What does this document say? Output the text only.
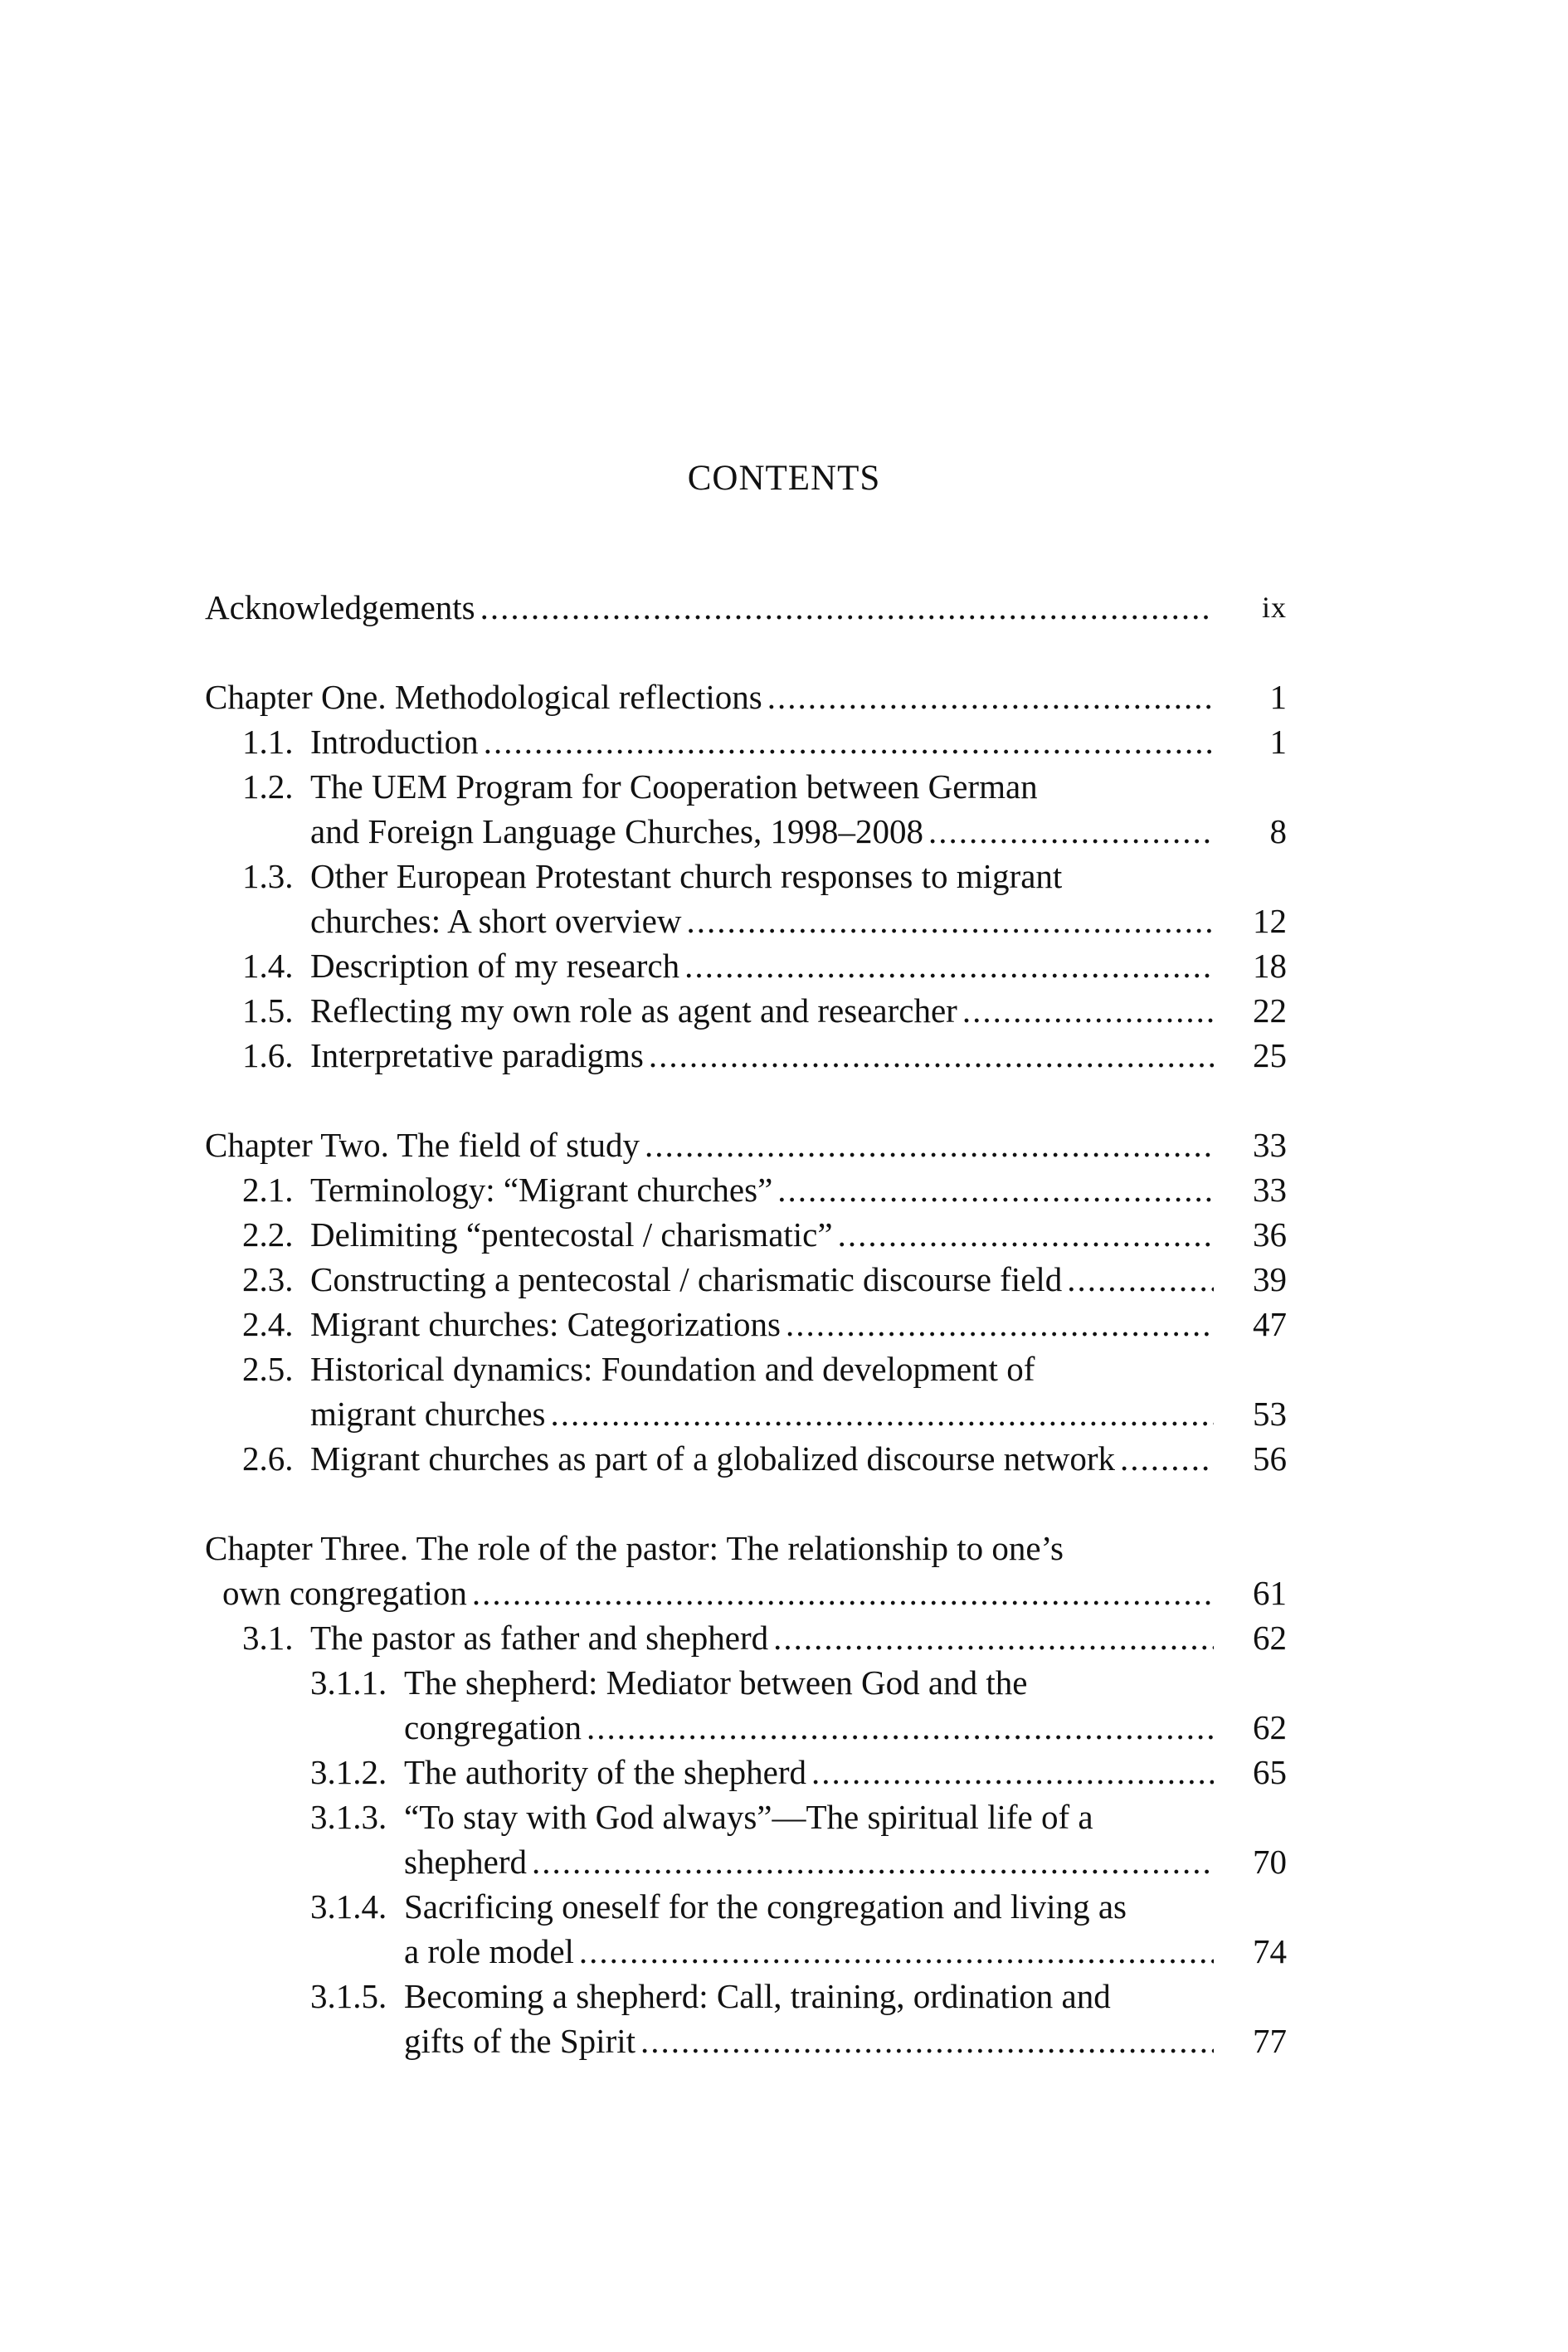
CONTENTS
Acknowledgements .....	ix
Chapter One. Methodological reflections .....	1
1.1. Introduction .....	1
1.2. The UEM Program for Cooperation between German
and Foreign Language Churches, 1998–2008 .....	8
1.3. Other European Protestant church responses to migrant
churches: A short overview .....	12
1.4. Description of my research .....	18
1.5. Reflecting my own role as agent and researcher .....	22
1.6. Interpretative paradigms .....	25
Chapter Two. The field of study .....	33
2.1. Terminology: “Migrant churches” .....	33
2.2. Delimiting “pentecostal / charismatic” .....	36
2.3. Constructing a pentecostal / charismatic discourse field .....	39
2.4. Migrant churches: Categorizations .....	47
2.5. Historical dynamics: Foundation and development of
migrant churches .....	53
2.6. Migrant churches as part of a globalized discourse network .....	56
Chapter Three. The role of the pastor: The relationship to one’s
own congregation .....	61
3.1. The pastor as father and shepherd .....	62
3.1.1. The shepherd: Mediator between God and the
congregation .....	62
3.1.2. The authority of the shepherd .....	65
3.1.3. “To stay with God always”—The spiritual life of a
shepherd .....	70
3.1.4. Sacrificing oneself for the congregation and living as
a role model .....	74
3.1.5. Becoming a shepherd: Call, training, ordination and
gifts of the Spirit .....	77
